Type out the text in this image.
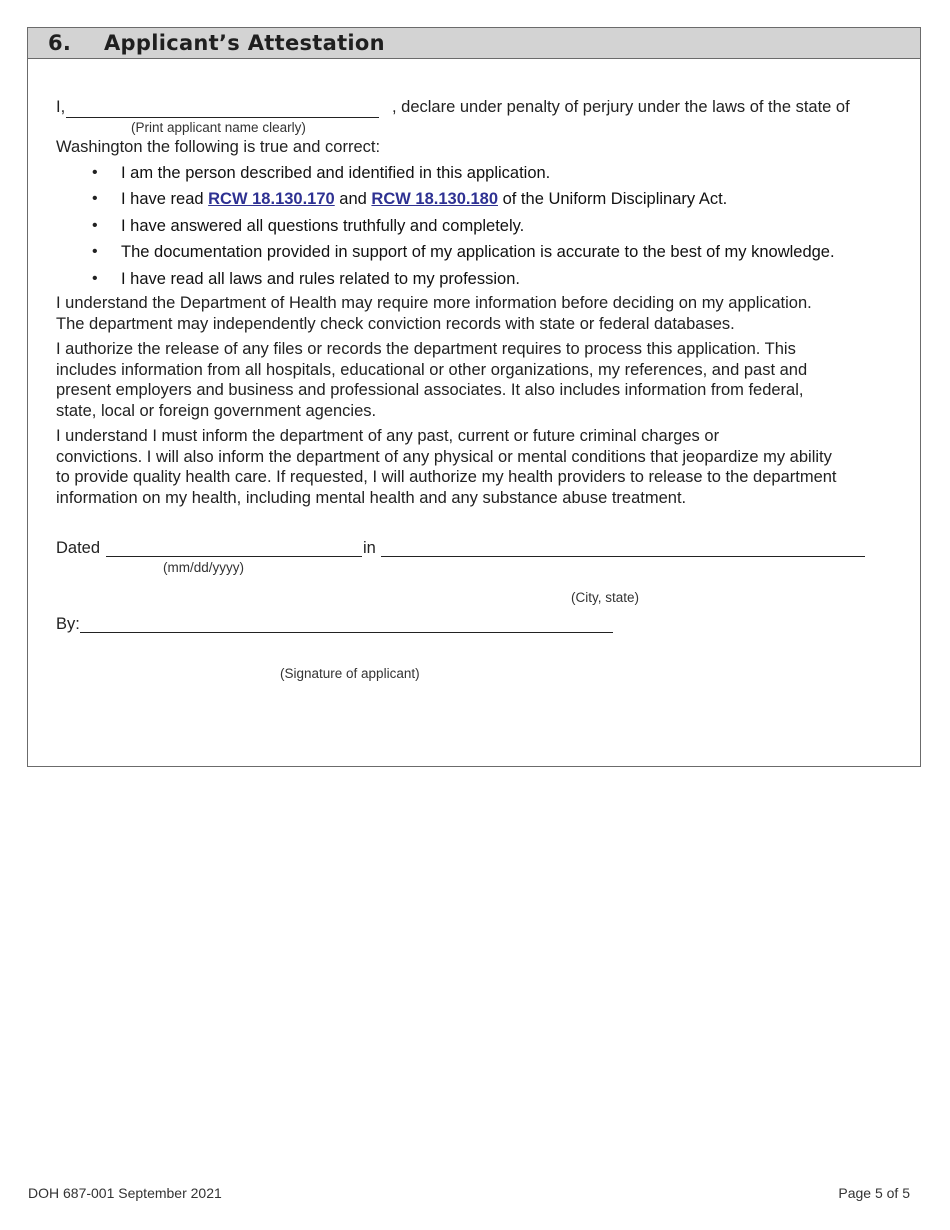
6. Applicant’s Attestation
I,	, declare under penalty of perjury under the laws of the state of
(Print applicant name clearly)
Washington the following is true and correct:
• I am the person described and identified in this application.
• I have read RCW 18.130.170 and RCW 18.130.180 of the Uniform Disciplinary Act.
• I have answered all questions truthfully and completely.
• The documentation provided in support of my application is accurate to the best of my knowledge.
• I have read all laws and rules related to my profession.
I understand the Department of Health may require more information before deciding on my application.
The department may independently check conviction records with state or federal databases.
I authorize the release of any files or records the department requires to process this application. This
includes information from all hospitals, educational or other organizations, my references, and past and
present employers and business and professional associates. It also includes information from federal,
state, local or foreign government agencies.
I understand I must inform the department of any past, current or future criminal charges or
convictions. I will also inform the department of any physical or mental conditions that jeopardize my ability
to provide quality health care. If requested, I will authorize my health providers to release to the department
information on my health, including mental health and any substance abuse treatment.
Dated	in
(mm/dd/yyyy)
(City, state)
By:
(Signature of applicant)
DOH 687-001 September 2021	Page 5 of 5
